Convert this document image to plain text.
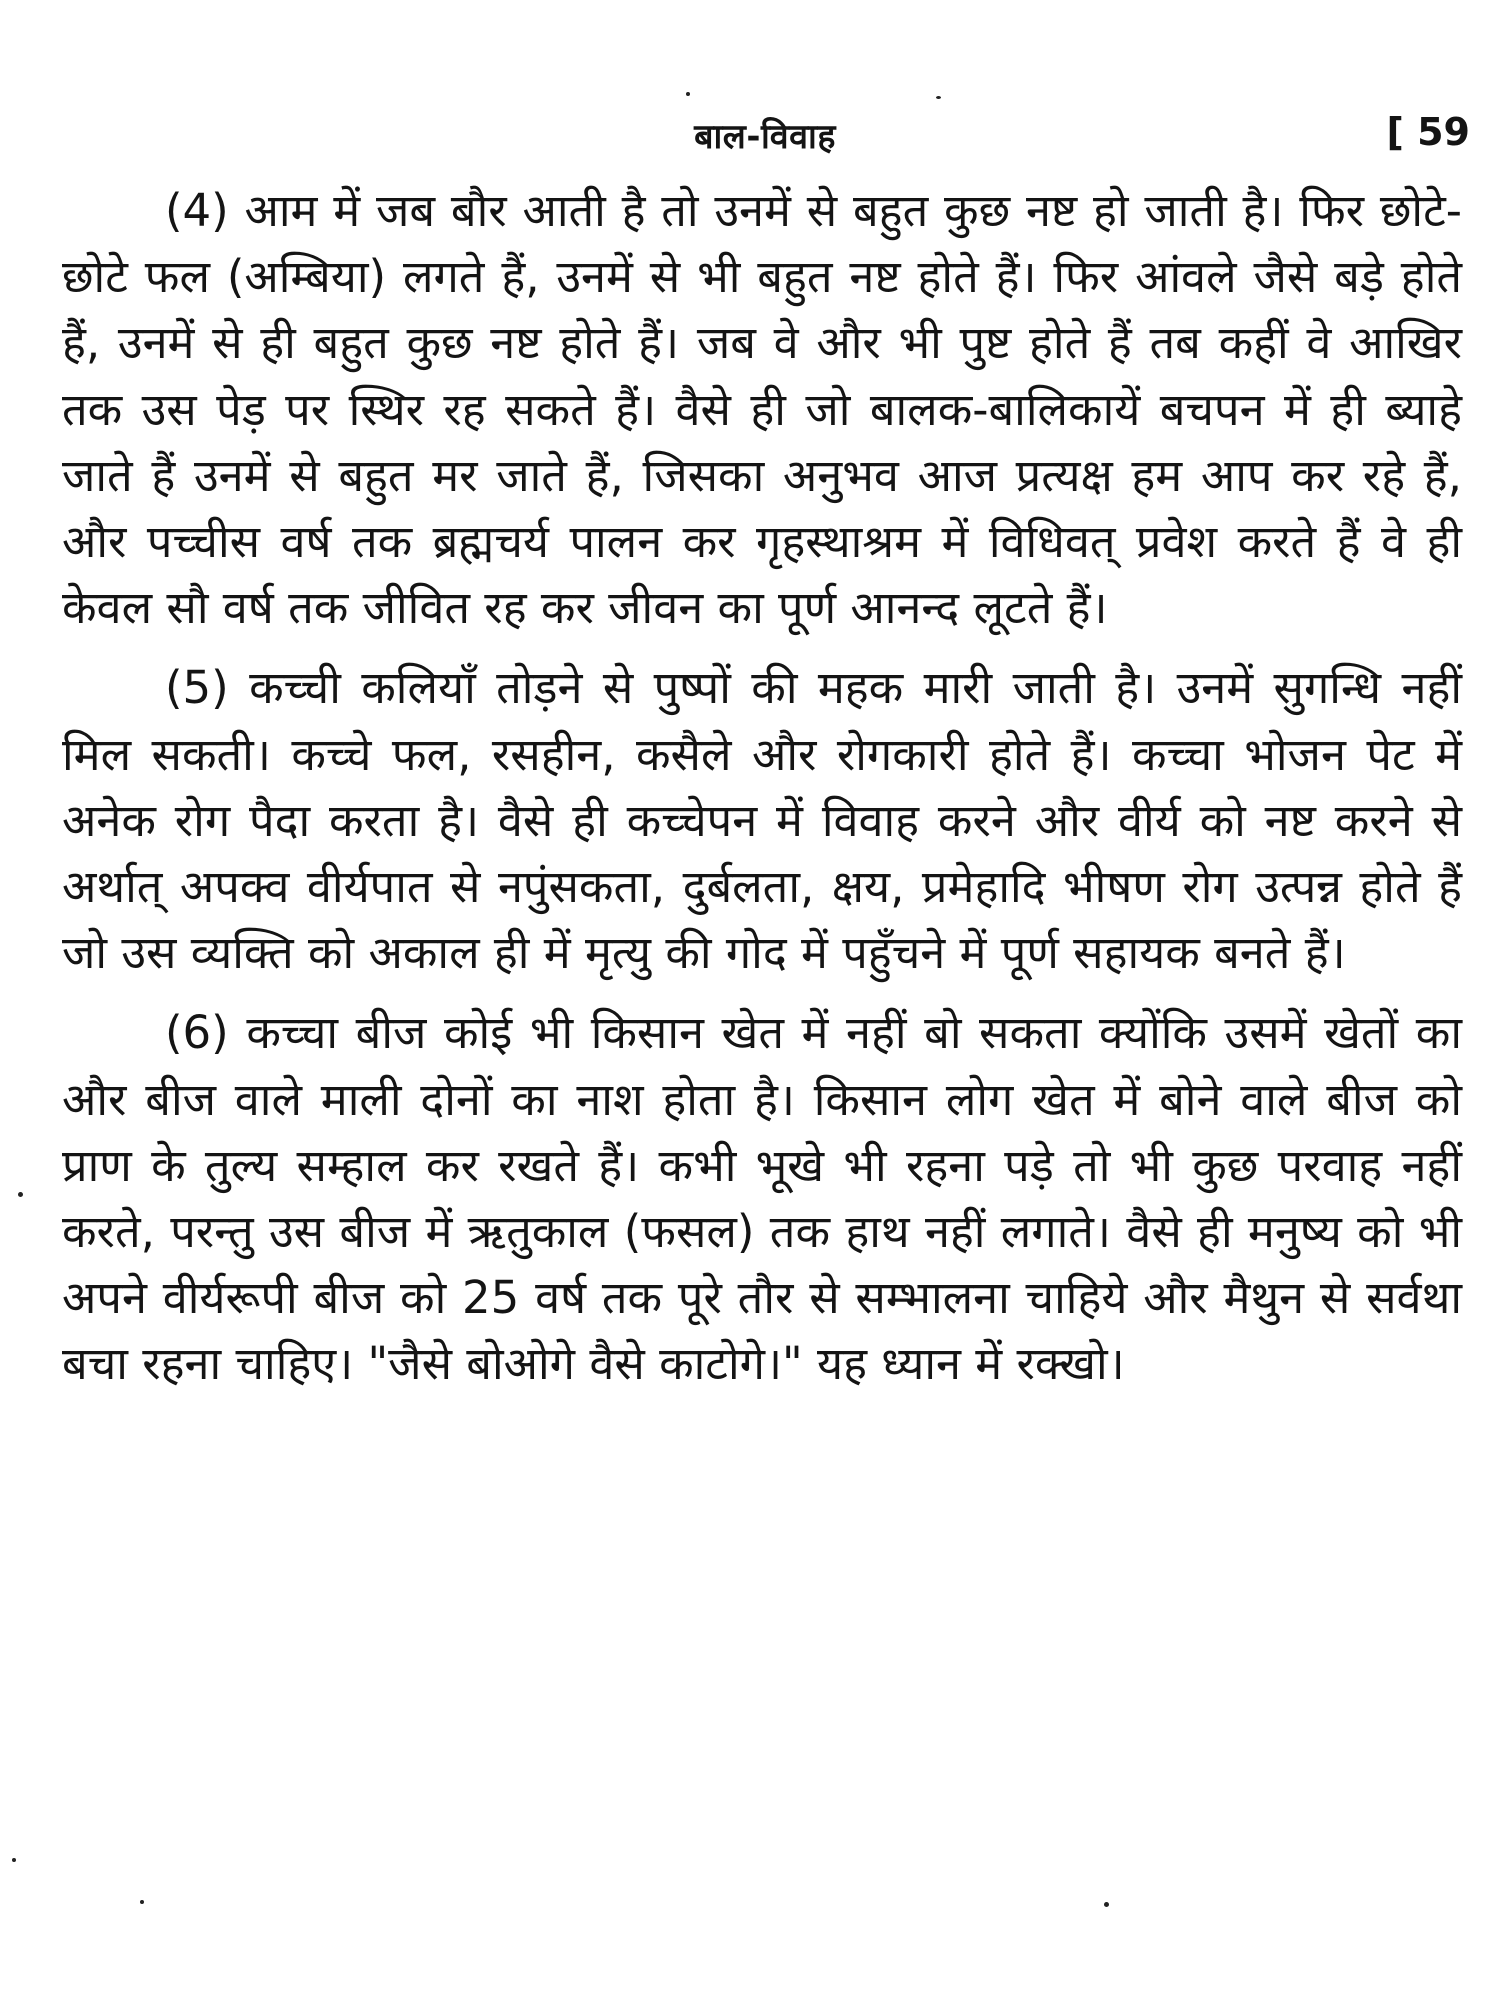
बाल-विवाह	[ 59

(4) आम में जब बौर आती है तो उनमें से बहुत कुछ नष्ट हो जाती है। फिर छोटे-छोटे फल (अम्बिया) लगते हैं, उनमें से भी बहुत नष्ट होते हैं। फिर आंवले जैसे बड़े होते हैं, उनमें से ही बहुत कुछ नष्ट होते हैं। जब वे और भी पुष्ट होते हैं तब कहीं वे आखिर तक उस पेड़ पर स्थिर रह सकते हैं। वैसे ही जो बालक-बालिकायें बचपन में ही ब्याहे जाते हैं उनमें से बहुत मर जाते हैं, जिसका अनुभव आज प्रत्यक्ष हम आप कर रहे हैं, और पच्चीस वर्ष तक ब्रह्मचर्य पालन कर गृहस्थाश्रम में विधिवत् प्रवेश करते हैं वे ही केवल सौ वर्ष तक जीवित रह कर जीवन का पूर्ण आनन्द लूटते हैं।

(5) कच्ची कलियाँ तोड़ने से पुष्पों की महक मारी जाती है। उनमें सुगन्धि नहीं मिल सकती। कच्चे फल, रसहीन, कसैले और रोगकारी होते हैं। कच्चा भोजन पेट में अनेक रोग पैदा करता है। वैसे ही कच्चेपन में विवाह करने और वीर्य को नष्ट करने से अर्थात् अपक्व वीर्यपात से नपुंसकता, दुर्बलता, क्षय, प्रमेहादि भीषण रोग उत्पन्न होते हैं जो उस व्यक्ति को अकाल ही में मृत्यु की गोद में पहुँचने में पूर्ण सहायक बनते हैं।

(6) कच्चा बीज कोई भी किसान खेत में नहीं बो सकता क्योंकि उसमें खेतों का और बीज वाले माली दोनों का नाश होता है। किसान लोग खेत में बोने वाले बीज को प्राण के तुल्य सम्हाल कर रखते हैं। कभी भूखे भी रहना पड़े तो भी कुछ परवाह नहीं करते, परन्तु उस बीज में ऋतुकाल (फसल) तक हाथ नहीं लगाते। वैसे ही मनुष्य को भी अपने वीर्यरूपी बीज को 25 वर्ष तक पूरे तौर से सम्भालना चाहिये और मैथुन से सर्वथा बचा रहना चाहिए। "जैसे बोओगे वैसे काटोगे।" यह ध्यान में रक्खो।
